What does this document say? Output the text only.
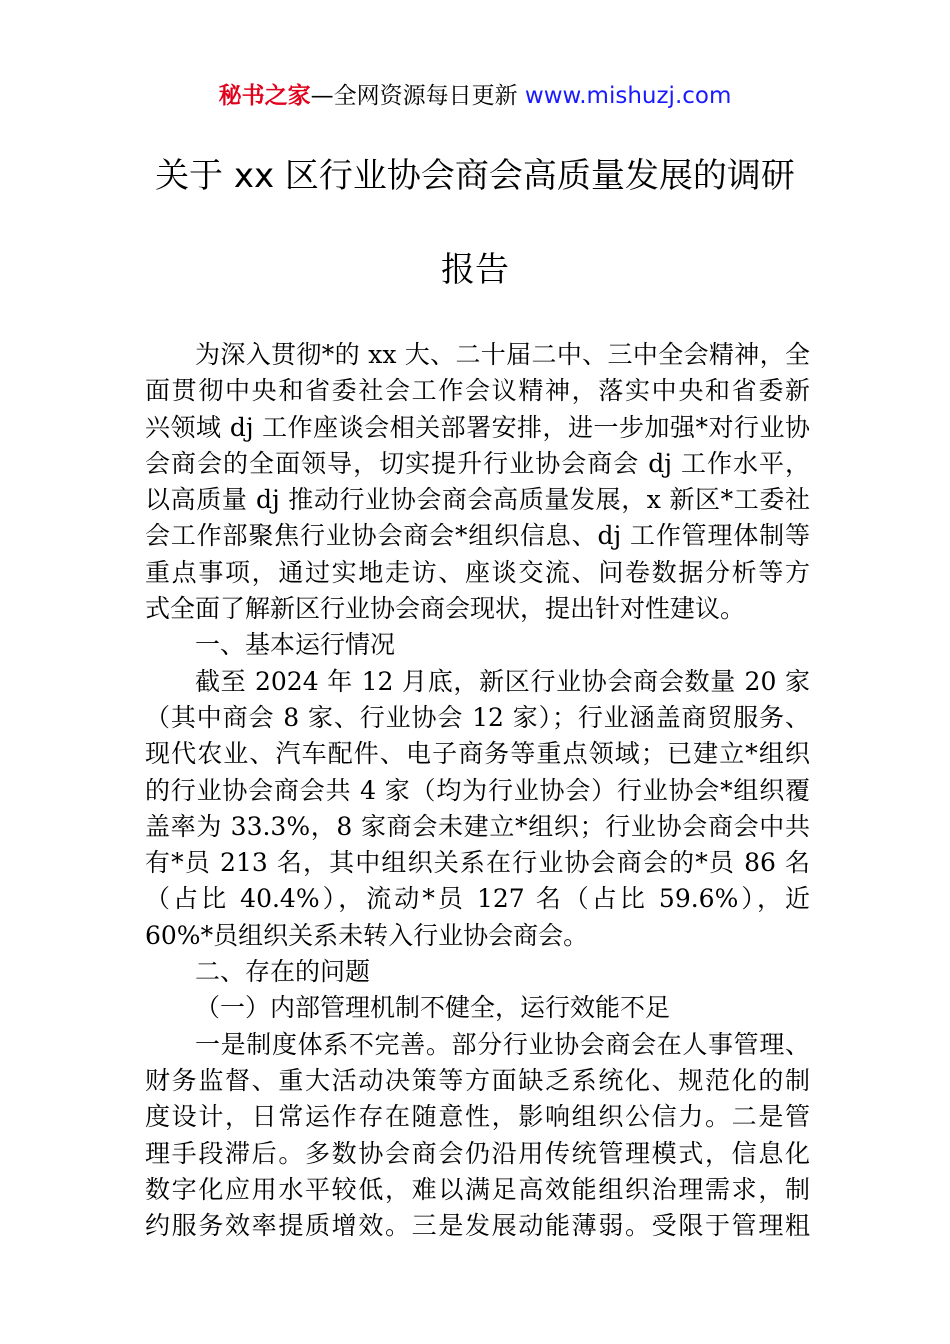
秘书之家—全网资源每日更新 www.mishuzj.com
关于 xx 区行业协会商会高质量发展的调研
报告
为深入贯彻*的 xx 大、二十届二中、三中全会精神，全
面贯彻中央和省委社会工作会议精神，落实中央和省委新
兴领域 dj 工作座谈会相关部署安排，进一步加强*对行业协
会商会的全面领导，切实提升行业协会商会 dj 工作水平，
以高质量 dj 推动行业协会商会高质量发展，x 新区*工委社
会工作部聚焦行业协会商会*组织信息、dj 工作管理体制等
重点事项，通过实地走访、座谈交流、问卷数据分析等方
式全面了解新区行业协会商会现状，提出针对性建议。
一、基本运行情况
截至 2024 年 12 月底，新区行业协会商会数量 20 家
（其中商会 8 家、行业协会 12 家）；行业涵盖商贸服务、
现代农业、汽车配件、电子商务等重点领域；已建立*组织
的行业协会商会共 4 家（均为行业协会）行业协会*组织覆
盖率为 33.3%，8 家商会未建立*组织；行业协会商会中共
有*员 213 名，其中组织关系在行业协会商会的*员 86 名
（占比 40.4%），流动*员 127 名（占比 59.6%），近
60%*员组织关系未转入行业协会商会。
二、存在的问题
（一）内部管理机制不健全，运行效能不足
一是制度体系不完善。部分行业协会商会在人事管理、
财务监督、重大活动决策等方面缺乏系统化、规范化的制
度设计，日常运作存在随意性，影响组织公信力。二是管
理手段滞后。多数协会商会仍沿用传统管理模式，信息化
数字化应用水平较低，难以满足高效能组织治理需求，制
约服务效率提质增效。三是发展动能薄弱。受限于管理粗
